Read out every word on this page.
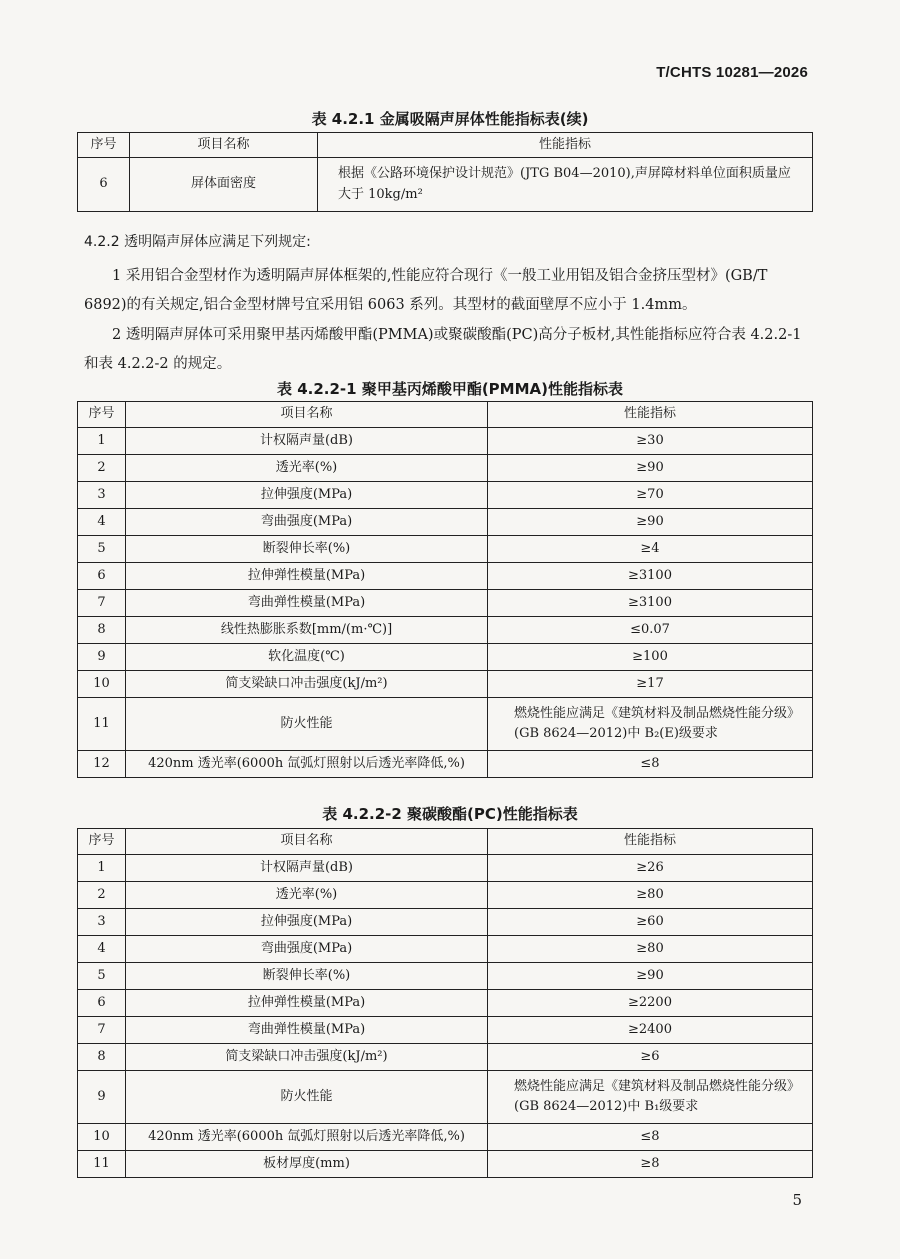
T/CHTS 10281—2026
表 4.2.1 金属吸隔声屏体性能指标表(续)
序号	项目名称	性能指标
6	屏体面密度	根据《公路环境保护设计规范》(JTG B04—2010),声屏障材料单位面积质量应大于 10kg/m²
4.2.2 透明隔声屏体应满足下列规定:
1 采用铝合金型材作为透明隔声屏体框架的,性能应符合现行《一般工业用铝及铝合金挤压型材》(GB/T 6892)的有关规定,铝合金型材牌号宜采用铝 6063 系列。其型材的截面壁厚不应小于 1.4mm。
2 透明隔声屏体可采用聚甲基丙烯酸甲酯(PMMA)或聚碳酸酯(PC)高分子板材,其性能指标应符合表 4.2.2-1 和表 4.2.2-2 的规定。
表 4.2.2-1 聚甲基丙烯酸甲酯(PMMA)性能指标表
序号	项目名称	性能指标
1	计权隔声量(dB)	≥30
2	透光率(%)	≥90
3	拉伸强度(MPa)	≥70
4	弯曲强度(MPa)	≥90
5	断裂伸长率(%)	≥4
6	拉伸弹性模量(MPa)	≥3100
7	弯曲弹性模量(MPa)	≥3100
8	线性热膨胀系数[mm/(m·℃)]	≤0.07
9	软化温度(℃)	≥100
10	简支梁缺口冲击强度(kJ/m²)	≥17
11	防火性能	燃烧性能应满足《建筑材料及制品燃烧性能分级》(GB 8624—2012)中 B₂(E)级要求
12	420nm 透光率(6000h 氙弧灯照射以后透光率降低,%)	≤8
表 4.2.2-2 聚碳酸酯(PC)性能指标表
序号	项目名称	性能指标
1	计权隔声量(dB)	≥26
2	透光率(%)	≥80
3	拉伸强度(MPa)	≥60
4	弯曲强度(MPa)	≥80
5	断裂伸长率(%)	≥90
6	拉伸弹性模量(MPa)	≥2200
7	弯曲弹性模量(MPa)	≥2400
8	简支梁缺口冲击强度(kJ/m²)	≥6
9	防火性能	燃烧性能应满足《建筑材料及制品燃烧性能分级》(GB 8624—2012)中 B₁级要求
10	420nm 透光率(6000h 氙弧灯照射以后透光率降低,%)	≤8
11	板材厚度(mm)	≥8
5
